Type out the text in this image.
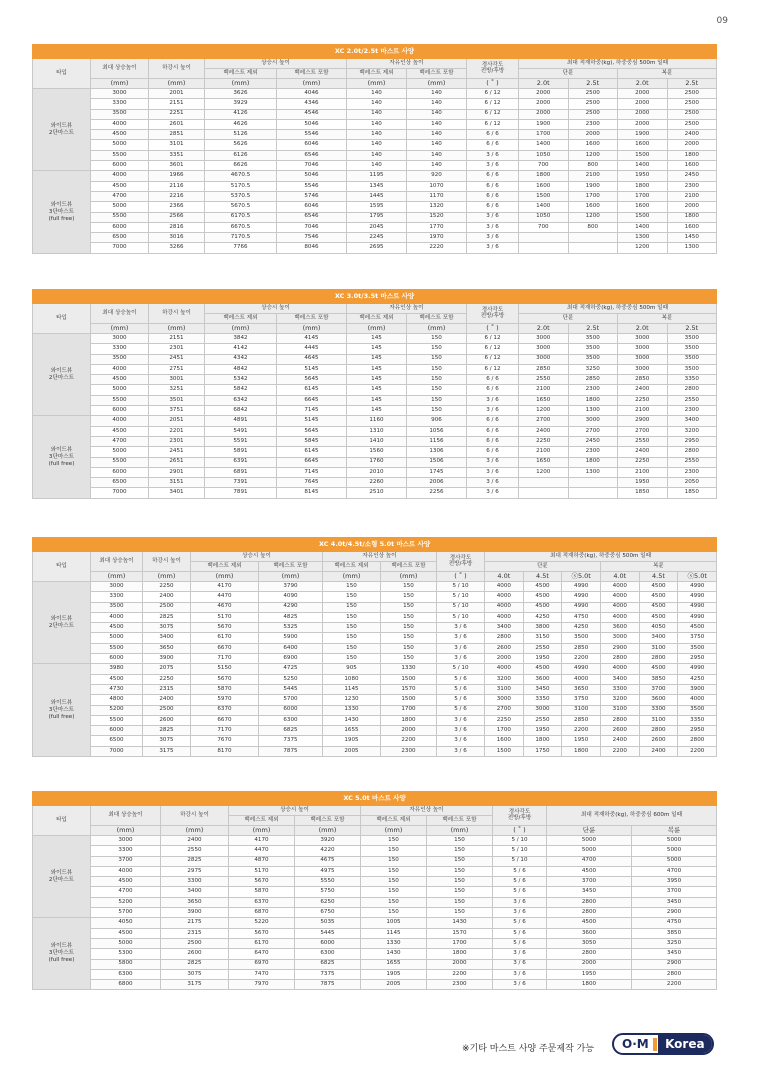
09
XC 2.0t/2.5t 마스트 사양											
타입	최대 상승높이	하강시 높이	상승시 높이		자유인상 높이		경사각도
전방/후방	최대 적재하중(kg), 하중중심 500m 일때			
			백레스트 제외	백레스트 포함	백레스트 제외	백레스트 포함		단륜		복륜	
	(mm)	(mm)	(mm)	(mm)	(mm)	(mm)	( ˚ )	2.0t	2.5t	2.0t	2.5t
와이드뷰
2단마스트	3000	2001	3626	4046	140	140	6 / 12	2000	2500	2000	2500
	3300	2151	3929	4346	140	140	6 / 12	2000	2500	2000	2500
	3500	2251	4126	4546	140	140	6 / 12	2000	2500	2000	2500
	4000	2601	4626	5046	140	140	6 / 12	1900	2300	2000	2500
	4500	2851	5126	5546	140	140	6 / 6	1700	2000	1900	2400
	5000	3101	5626	6046	140	140	6 / 6	1400	1600	1600	2000
	5500	3351	6126	6546	140	140	3 / 6	1050	1200	1500	1800
	6000	3601	6626	7046	140	140	3 / 6	700	800	1400	1600
와이드뷰
3단마스트
(full free)	4000	1966	4670.5	5046	1195	920	6 / 6	1800	2100	1950	2450
	4500	2116	5170.5	5546	1345	1070	6 / 6	1600	1900	1800	2300
	4700	2216	5370.5	5746	1445	1170	6 / 6	1500	1700	1700	2100
	5000	2366	5670.5	6046	1595	1320	6 / 6	1400	1600	1600	2000
	5500	2566	6170.5	6546	1795	1520	3 / 6	1050	1200	1500	1800
	6000	2816	6670.5	7046	2045	1770	3 / 6	700	800	1400	1600
	6500	3016	7170.5	7546	2245	1970	3 / 6			1300	1450
	7000	3266	7766	8046	2695	2220	3 / 6			1200	1300
XC 3.0t/3.5t 마스트 사양											
타입	최대 상승높이	하강시 높이	상승시 높이		자유인상 높이		경사각도
전방/후방	최대 적재하중(kg), 하중중심 500m 일때			
			백레스트 제외	백레스트 포함	백레스트 제외	백레스트 포함		단륜		복륜	
	(mm)	(mm)	(mm)	(mm)	(mm)	(mm)	( ˚ )	2.0t	2.5t	2.0t	2.5t
와이드뷰
2단마스트	3000	2151	3842	4145	145	150	6 / 12	3000	3500	3000	3500
	3300	2301	4142	4445	145	150	6 / 12	3000	3500	3000	3500
	3500	2451	4342	4645	145	150	6 / 12	3000	3500	3000	3500
	4000	2751	4842	5145	145	150	6 / 12	2850	3250	3000	3500
	4500	3001	5342	5645	145	150	6 / 6	2550	2850	2850	3350
	5000	3251	5842	6145	145	150	6 / 6	2100	2300	2400	2800
	5500	3501	6342	6645	145	150	3 / 6	1650	1800	2250	2550
	6000	3751	6842	7145	145	150	3 / 6	1200	1300	2100	2300
와이드뷰
3단마스트
(full free)	4000	2051	4891	5145	1160	906	6 / 6	2700	3000	2900	3400
	4500	2201	5491	5645	1310	1056	6 / 6	2400	2700	2700	3200
	4700	2301	5591	5845	1410	1156	6 / 6	2250	2450	2550	2950
	5000	2451	5891	6145	1560	1306	6 / 6	2100	2300	2400	2800
	5500	2651	6391	6645	1760	1506	3 / 6	1650	1800	2250	2550
	6000	2901	6891	7145	2010	1745	3 / 6	1200	1300	2100	2300
	6500	3151	7391	7645	2260	2006	3 / 6			1950	2050
	7000	3401	7891	8145	2510	2256	3 / 6			1850	1850
XC 4.0t/4.5t/소형 5.0t 마스트 사양													
타입	최대 상승높이	하강시 높이	상승시 높이		자유인상 높이		경사각도
전방/후방	최대 적재하중(kg), 하중중심 500m 일때					
			백레스트 제외	백레스트 포함	백레스트 제외	백레스트 포함		단륜			복륜		
	(mm)	(mm)	(mm)	(mm)	(mm)	(mm)	( ˚ )	4.0t	4.5t	ⓢ5.0t	4.0t	4.5t	ⓢ5.0t
와이드뷰
2단마스트	3000	2250	4170	3790	150	150	5 / 10	4000	4500	4990	4000	4500	4990
	3300	2400	4470	4090	150	150	5 / 10	4000	4500	4990	4000	4500	4990
	3500	2500	4670	4290	150	150	5 / 10	4000	4500	4990	4000	4500	4990
	4000	2825	5170	4825	150	150	5 / 10	4000	4250	4750	4000	4500	4990
	4500	3075	5670	5325	150	150	3 / 6	3400	3800	4250	3600	4050	4500
	5000	3400	6170	5900	150	150	3 / 6	2800	3150	3500	3000	3400	3750
	5500	3650	6670	6400	150	150	3 / 6	2600	2550	2850	2900	3100	3500
	6000	3900	7170	6900	150	150	3 / 6	2000	1950	2200	2800	2800	2950
와이드뷰
3단마스트
(full free)	3980	2075	5150	4725	905	1330	5 / 10	4000	4500	4990	4000	4500	4990
	4500	2250	5670	5250	1080	1500	5 / 6	3200	3600	4000	3400	3850	4250
	4730	2315	5870	5445	1145	1570	5 / 6	3100	3450	3650	3300	3700	3900
	4800	2400	5970	5700	1230	1500	5 / 6	3000	3350	3750	3200	3600	4000
	5200	2500	6370	6000	1330	1700	5 / 6	2700	3000	3100	3100	3300	3500
	5500	2600	6670	6300	1430	1800	3 / 6	2250	2550	2850	2800	3100	3350
	6000	2825	7170	6825	1655	2000	3 / 6	1700	1950	2200	2600	2800	2950
	6500	3075	7670	7375	1905	2200	3 / 6	1600	1800	1950	2400	2600	2800
	7000	3175	8170	7875	2005	2300	3 / 6	1500	1750	1800	2200	2400	2200
XC 5.0t 마스트 사양									
타입	최대 상승높이	하강시 높이	상승시 높이		자유인상 높이		경사각도
전방/후방	최대 적재하중(kg), 하중중심 600m 일때	
			백레스트 제외	백레스트 포함	백레스트 제외	백레스트 포함			
	(mm)	(mm)	(mm)	(mm)	(mm)	(mm)	( ˚ )	단륜	복륜
와이드뷰
2단마스트	3000	2400	4170	3920	150	150	5 / 10	5000	5000
	3300	2550	4470	4220	150	150	5 / 10	5000	5000
	3700	2825	4870	4675	150	150	5 / 10	4700	5000
	4000	2975	5170	4975	150	150	5 / 6	4500	4700
	4500	3300	5670	5550	150	150	5 / 6	3700	3950
	4700	3400	5870	5750	150	150	5 / 6	3450	3700
	5200	3650	6370	6250	150	150	3 / 6	2800	3450
	5700	3900	6870	6750	150	150	3 / 6	2800	2900
와이드뷰
3단마스트
(full free)	4050	2175	5220	5035	1005	1430	5 / 6	4500	4750
	4500	2315	5670	5445	1145	1570	5 / 6	3600	3850
	5000	2500	6170	6000	1330	1700	5 / 6	3050	3250
	5300	2600	6470	6300	1430	1800	3 / 6	2800	3450
	5800	2825	6970	6825	1655	2000	3 / 6	2000	2900
	6300	3075	7470	7375	1905	2200	3 / 6	1950	2800
	6800	3175	7970	7875	2005	2300	3 / 6	1800	2200
※기타 마스트 사양 주문제작 가능	O·M	Korea
